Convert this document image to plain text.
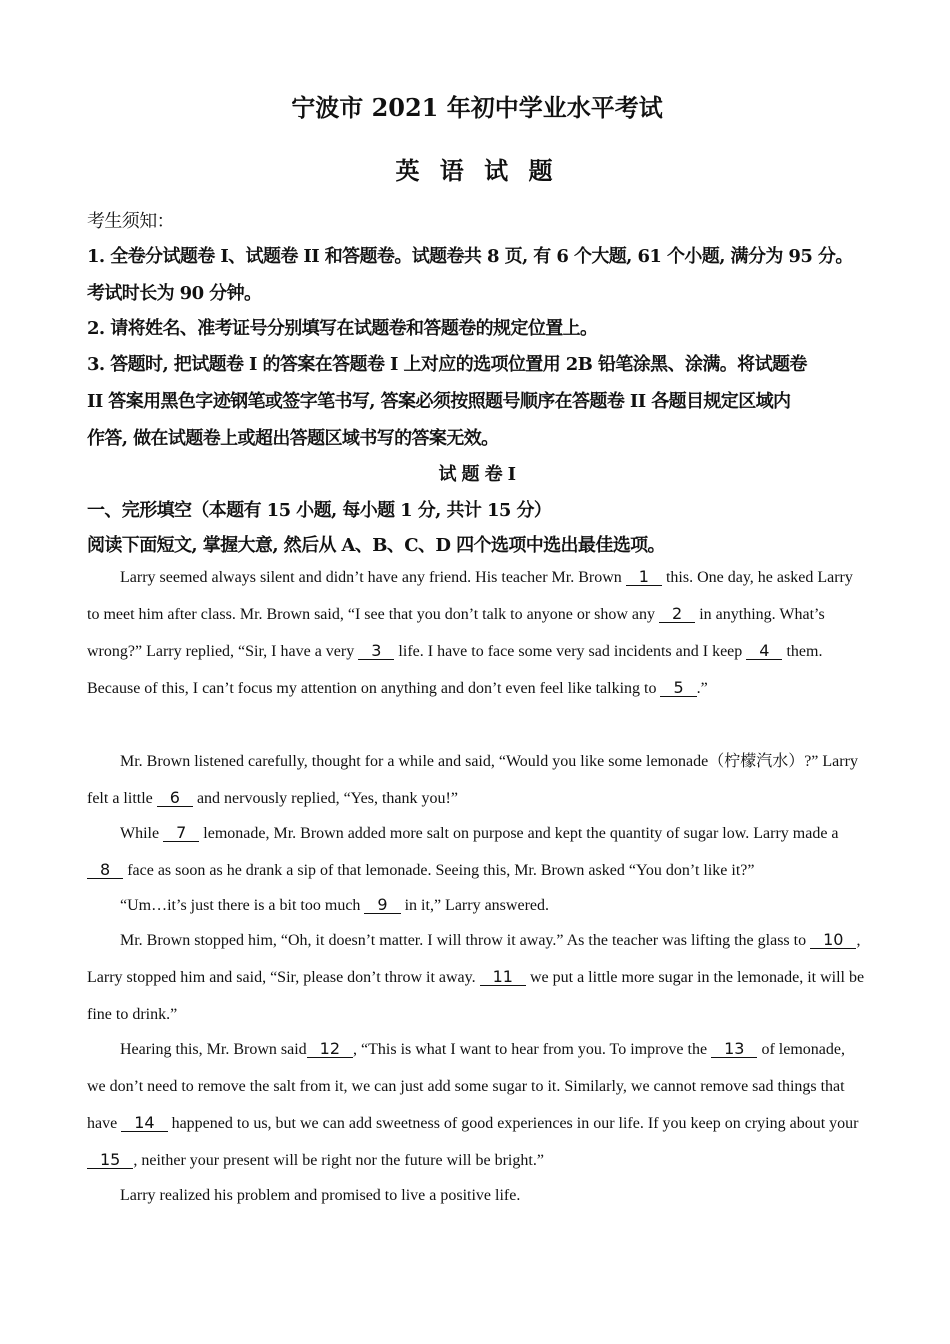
宁波市 2021 年初中学业水平考试
英 语 试 题
考生须知：
1. 全卷分试题卷 I、试题卷 II 和答题卷。试题卷共 8 页, 有 6 个大题, 61 个小题, 满分为 95 分。
考试时长为 90 分钟。
2. 请将姓名、准考证号分别填写在试题卷和答题卷的规定位置上。
3. 答题时, 把试题卷 I 的答案在答题卷 I 上对应的选项位置用 2B 铅笔涂黑、涂满。将试题卷
II 答案用黑色字迹钢笔或签字笔书写, 答案必须按照题号顺序在答题卷 II 各题目规定区域内
作答, 做在试题卷上或超出答题区域书写的答案无效。
试 题 卷 I
一、完形填空（本题有 15 小题, 每小题 1 分, 共计 15 分）
阅读下面短文, 掌握大意, 然后从 A、B、C、D 四个选项中选出最佳选项。
Larry seemed always silent and didn’t have any friend. His teacher Mr. Brown 1 this. One day, he asked Larry to meet him after class. Mr. Brown said, “I see that you don’t talk to anyone or show any 2 in anything. What’s wrong?” Larry replied, “Sir, I have a very 3 life. I have to face some very sad incidents and I keep 4 them. Because of this, I can’t focus my attention on anything and don’t even feel like talking to 5 .”
Mr. Brown listened carefully, thought for a while and said, “Would you like some lemonade（柠檬汽水）?” Larry felt a little 6 and nervously replied, “Yes, thank you!”
While 7 lemonade, Mr. Brown added more salt on purpose and kept the quantity of sugar low. Larry made a 8 face as soon as he drank a sip of that lemonade. Seeing this, Mr. Brown asked “You don’t like it?”
“Um…it’s just there is a bit too much 9 in it,” Larry answered.
Mr. Brown stopped him, “Oh, it doesn’t matter. I will throw it away.” As the teacher was lifting the glass to 10 , Larry stopped him and said, “Sir, please don’t throw it away. 11 we put a little more sugar in the lemonade, it will be fine to drink.”
Hearing this, Mr. Brown said 12 , “This is what I want to hear from you. To improve the 13 of lemonade, we don’t need to remove the salt from it, we can just add some sugar to it. Similarly, we cannot remove sad things that have 14 happened to us, but we can add sweetness of good experiences in our life. If you keep on crying about your 15 , neither your present will be right nor the future will be bright.”
Larry realized his problem and promised to live a positive life.
